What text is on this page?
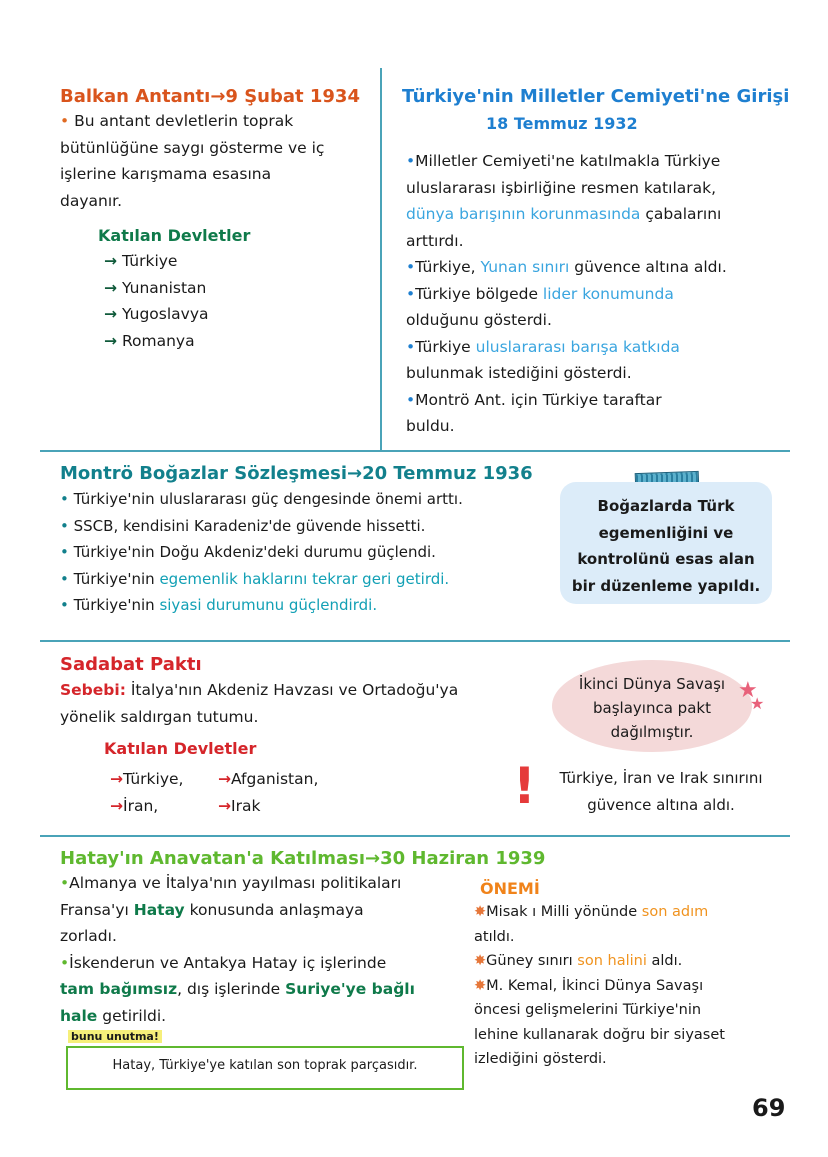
Balkan Antantı→9 Şubat 1934
• Bu antant devletlerin toprak
bütünlüğüne saygı gösterme ve iç
işlerine karışmama esasına
dayanır.
Katılan Devletler
→ Türkiye
→ Yunanistan
→ Yugoslavya
→ Romanya
Türkiye'nin Milletler Cemiyeti'ne Girişi
18 Temmuz 1932
•Milletler Cemiyeti'ne katılmakla Türkiye
uluslararası işbirliğine resmen katılarak,
dünya barışının korunmasında çabalarını
arttırdı.
•Türkiye, Yunan sınırı güvence altına aldı.
•Türkiye bölgede lider konumunda
olduğunu gösterdi.
•Türkiye uluslararası barışa katkıda
bulunmak istediğini gösterdi.
•Montrö Ant. için Türkiye taraftar
buldu.
Montrö Boğazlar Sözleşmesi→20 Temmuz 1936
• Türkiye'nin uluslararası güç dengesinde önemi arttı.
• SSCB, kendisini Karadeniz'de güvende hissetti.
• Türkiye'nin Doğu Akdeniz'deki durumu güçlendi.
• Türkiye'nin egemenlik haklarını tekrar geri getirdi.
• Türkiye'nin siyasi durumunu güçlendirdi.
Boğazlarda Türk
egemenliğini ve
kontrolünü esas alan
bir düzenleme yapıldı.
Sadabat Paktı
Sebebi: İtalya'nın Akdeniz Havzası ve Ortadoğu'ya
yönelik saldırgan tutumu.
Katılan Devletler
→Türkiye,	→Afganistan,
→İran,	→Irak
İkinci Dünya Savaşı
başlayınca pakt
dağılmıştır.
★
★
!	Türkiye, İran ve Irak sınırını
güvence altına aldı.
Hatay'ın Anavatan'a Katılması→30 Haziran 1939
•Almanya ve İtalya'nın yayılması politikaları
Fransa'yı Hatay konusunda anlaşmaya
zorladı.
•İskenderun ve Antakya Hatay iç işlerinde
tam bağımsız, dış işlerinde Suriye'ye bağlı
hale getirildi.
bunu unutma!
Hatay, Türkiye'ye katılan son toprak parçasıdır.
ÖNEMİ
✸Misak ı Milli yönünde son adım
atıldı.
✸Güney sınırı son halini aldı.
✸M. Kemal, İkinci Dünya Savaşı
öncesi gelişmelerini Türkiye'nin
lehine kullanarak doğru bir siyaset
izlediğini gösterdi.
69
